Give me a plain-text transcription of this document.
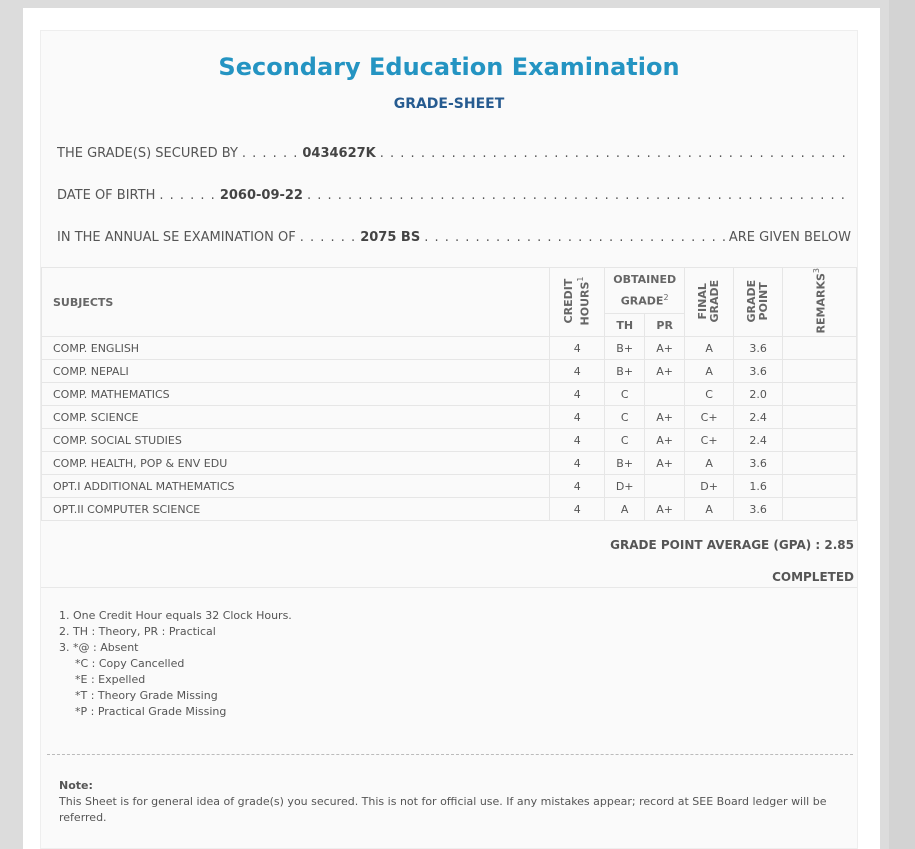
Secondary Education Examination
GRADE-SHEET
THE GRADE(S) SECURED BY . . .	0434627K
. . .
DATE OF BIRTH . . .	2060-09-22
. . .
IN THE ANNUAL SE EXAMINATION OF . . .	2075 BS . . .	ARE GIVEN BELOW
SUBJECTS	CREDIT HOURS$^1$	OBTAINED GRADE$^2$		FINAL GRADE	GRADE POINT	REMARKS$^3$
		TH	PR			
COMP. ENGLISH	4	B+	A+	A	3.6	
COMP. NEPALI	4	B+	A+	A	3.6	
COMP. MATHEMATICS	4	C		C	2.0	
COMP. SCIENCE	4	C	A+	C+	2.4	
COMP. SOCIAL STUDIES	4	C	A+	C+	2.4	
COMP. HEALTH, POP & ENV EDU	4	B+	A+	A	3.6	
OPT.I ADDITIONAL MATHEMATICS	4	D+		D+	1.6	
OPT.II COMPUTER SCIENCE	4	A	A+	A	3.6	
GRADE POINT AVERAGE (GPA) : 2.85
COMPLETED
1. One Credit Hour equals 32 Clock Hours.
2. TH : Theory, PR : Practical
3. *@ : Absent
*C : Copy Cancelled
*E : Expelled
*T : Theory Grade Missing
*P : Practical Grade Missing
Note:
This Sheet is for general idea of grade(s) you secured. This is not for official use. If any mistakes appear; record at SEE Board ledger will be referred.
